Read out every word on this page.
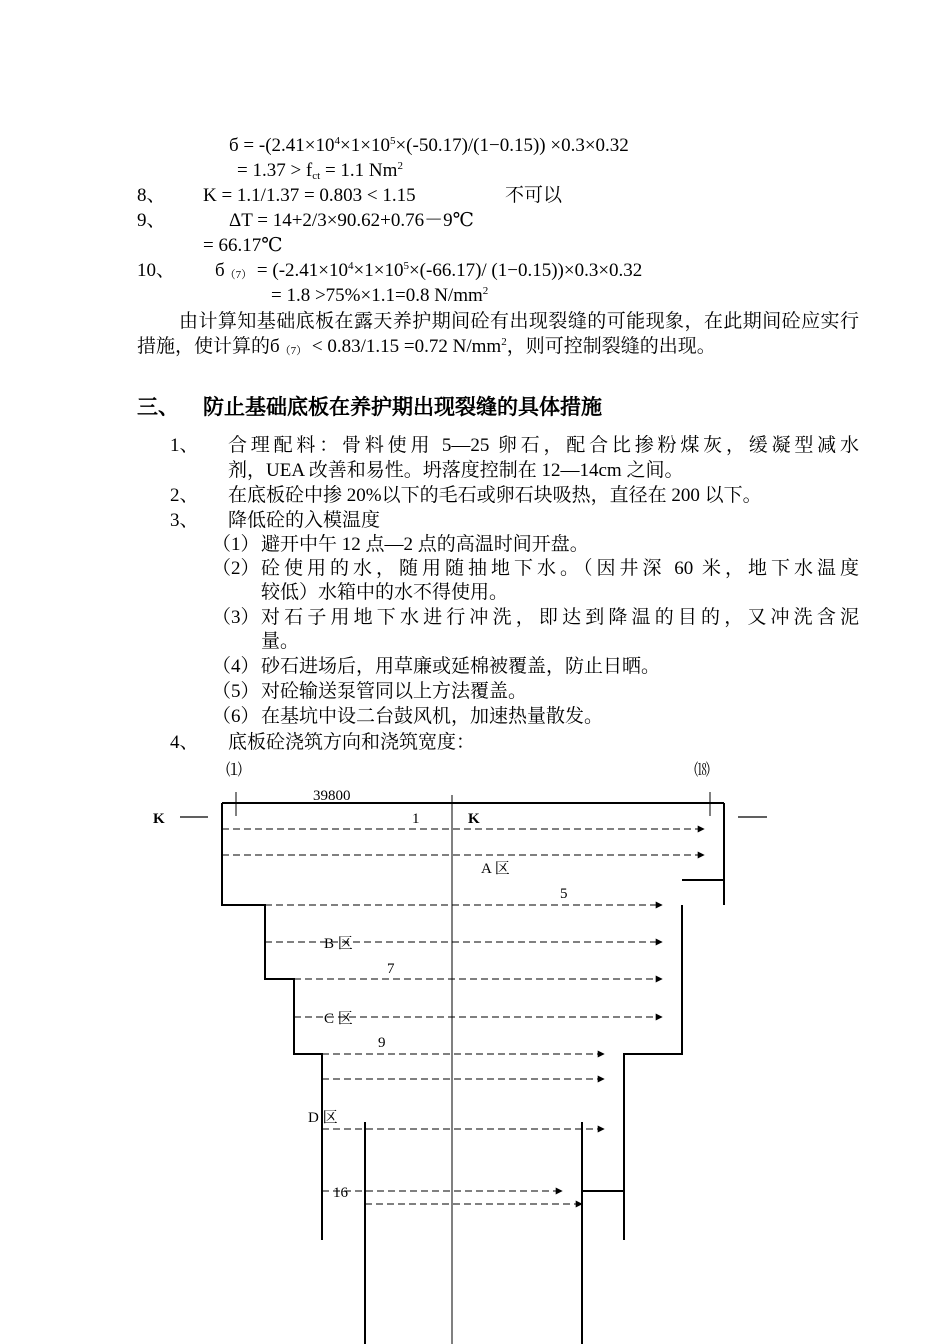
$б = -(2.41\times 10^4\times 1\times 10^5\times(-50.17)/(1-0.15)) \times 0.3\times 0.32$
= $1.37 > f_{ct} = 1.1$ Nm$^2$
8、 K = 1.1/1.37 = 0.803 < 1.15	不可以
9、	ΔT = 14+2/3×90.62+0.76－9℃
= 66.17℃
10、 $б(7) = (-2.41\times 10^4\times 1\times 10^5\times(-66.17)/$ (1−0.15))×0.3×0.32
= 1.8 >75%×1.1=0.8 $N/mm^2$
由计算知基础底板在露天养护期间砼有出现裂缝的可能现象，在此期间砼应实行措施，使计算的б（7） < 0.83/1.15 =0.72 $N/mm^2$，则可控制裂缝的出现。
三、 防止基础底板在养护期出现裂缝的具体措施
1、 合理配料：骨料使用 5—25 卵石，配合比掺粉煤灰，缓凝型减水
剂，UEA 改善和易性。坍落度控制在 12—14cm 之间。
2、 在底板砼中掺 20%以下的毛石或卵石块吸热，直径在 200 以下。
3、 降低砼的入模温度
（1） 避开中午 12 点—2 点的高温时间开盘。
（2） 砼使用的水，随用随抽地下水。（因井深 60 米，地下水温度
较低）水箱中的水不得使用。
（3） 对石子用地下水进行冲洗，即达到降温的目的，又冲洗含泥
量。
（4） 砂石进场后，用草廉或延棉被覆盖，防止日晒。
（5） 对砼输送泵管同以上方法覆盖。
（6） 在基坑中设二台鼓风机，加速热量散发。
4、 底板砼浇筑方向和浇筑宽度：
⑴	⒅
39800
K	K
1
A 区
5
B 区
7
C 区
9
D 区
16
